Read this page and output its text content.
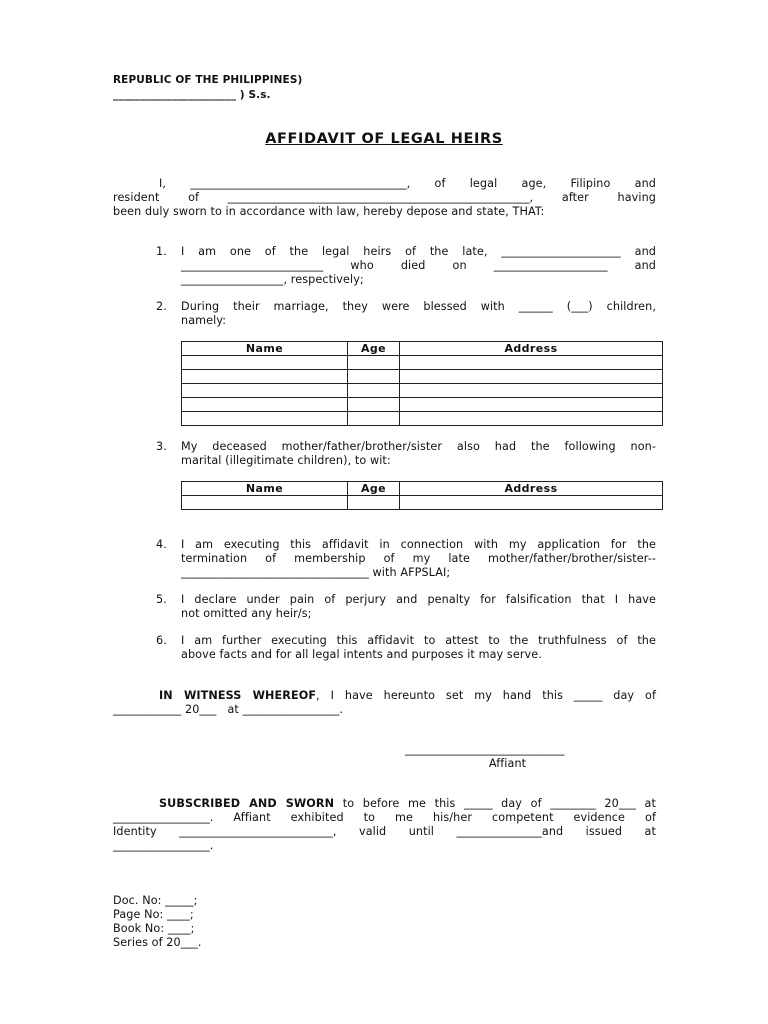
REPUBLIC OF THE PHILIPPINES)
_______________________ ) S.s.
AFFIDAVIT OF LEGAL HEIRS
I, ______________________________________, of legal age, Filipino and
resident of _____________________________________________________, after having
been duly sworn to in accordance with law, hereby depose and state, THAT:
1.	I am one of the legal heirs of the late, _____________________ and
_________________________ who died on ____________________ and
__________________, respectively;
2.	During their marriage, they were blessed with ______ (___) children,
namely:
Name	Age	Address

3.	My deceased mother/father/brother/sister also had the following non-
marital (illegitimate children), to wit:
Name	Age	Address

4.	I am executing this affidavit in connection with my application for the
termination of membership of my late mother/father/brother/sister--
_________________________________ with AFPSLAI;
5.	I declare under pain of perjury and penalty for falsification that I have
not omitted any heir/s;
6.	I am further executing this affidavit to attest to the truthfulness of the
above facts and for all legal intents and purposes it may serve.
IN WITNESS WHEREOF, I have hereunto set my hand this _____ day of
____________ 20___   at _________________.
____________________________
Affiant
SUBSCRIBED AND SWORN to before me this _____ day of ________ 20___ at
_________________. Affiant exhibited to me his/her competent evidence of
Identity ___________________________, valid until _______________and issued at
_________________.
Doc. No: _____;
Page No: ____;
Book No: ____;
Series of 20___.
